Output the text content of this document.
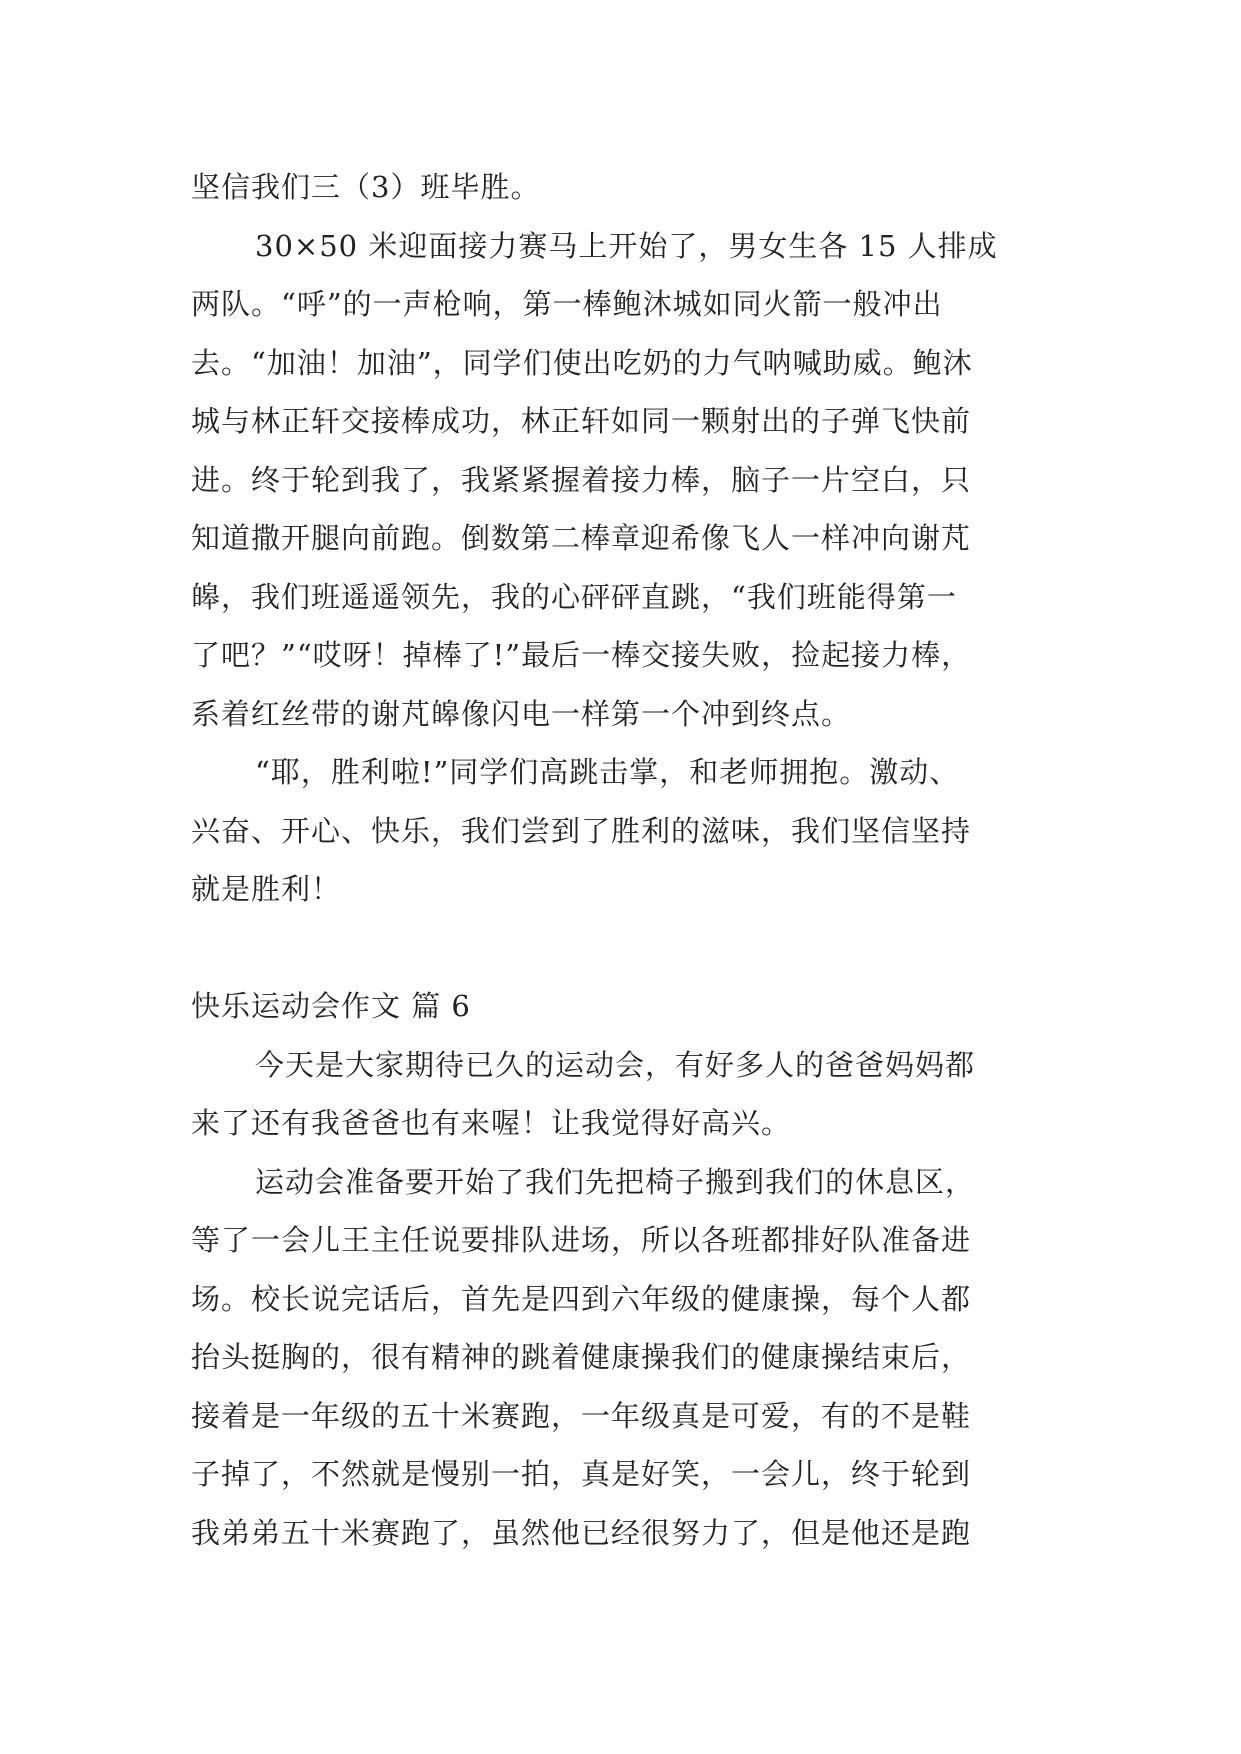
坚信我们三（3）班毕胜。
30×50 米迎面接力赛马上开始了，男女生各 15 人排成
两队。“呼”的一声枪响，第一棒鲍沐城如同火箭一般冲出
去。“加油！加油”，同学们使出吃奶的力气呐喊助威。鲍沐
城与林正轩交接棒成功，林正轩如同一颗射出的子弹飞快前
进。终于轮到我了，我紧紧握着接力棒，脑子一片空白，只
知道撒开腿向前跑。倒数第二棒章迎希像飞人一样冲向谢芃
皞，我们班遥遥领先，我的心砰砰直跳，“我们班能得第一
了吧？”“哎呀！掉棒了!”最后一棒交接失败，捡起接力棒，
系着红丝带的谢芃皞像闪电一样第一个冲到终点。
“耶，胜利啦!”同学们高跳击掌，和老师拥抱。激动、
兴奋、开心、快乐，我们尝到了胜利的滋味，我们坚信坚持
就是胜利！
快乐运动会作文 篇 6
今天是大家期待已久的运动会，有好多人的爸爸妈妈都
来了还有我爸爸也有来喔！让我觉得好高兴。
运动会准备要开始了我们先把椅子搬到我们的休息区，
等了一会儿王主任说要排队进场，所以各班都排好队准备进
场。校长说完话后，首先是四到六年级的健康操，每个人都
抬头挺胸的，很有精神的跳着健康操我们的健康操结束后，
接着是一年级的五十米赛跑，一年级真是可爱，有的不是鞋
子掉了，不然就是慢别一拍，真是好笑，一会儿，终于轮到
我弟弟五十米赛跑了，虽然他已经很努力了，但是他还是跑
